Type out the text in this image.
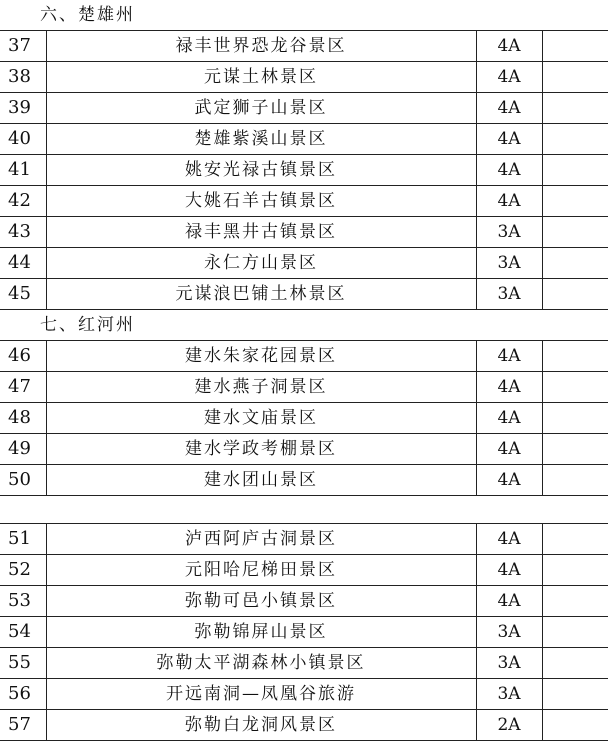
六、楚雄州			
37	禄丰世界恐龙谷景区	4A	
38	元谋土林景区	4A	
39	武定狮子山景区	4A	
40	楚雄紫溪山景区	4A	
41	姚安光禄古镇景区	4A	
42	大姚石羊古镇景区	4A	
43	禄丰黑井古镇景区	3A	
44	永仁方山景区	3A	
45	元谋浪巴铺土林景区	3A	
七、红河州			
46	建水朱家花园景区	4A	
47	建水燕子洞景区	4A	
48	建水文庙景区	4A	
49	建水学政考棚景区	4A	
50	建水团山景区	4A	
51	泸西阿庐古洞景区	4A	
52	元阳哈尼梯田景区	4A	
53	弥勒可邑小镇景区	4A	
54	弥勒锦屏山景区	3A	
55	弥勒太平湖森林小镇景区	3A	
56	开远南洞—凤凰谷旅游	3A	
57	弥勒白龙洞风景区	2A	
